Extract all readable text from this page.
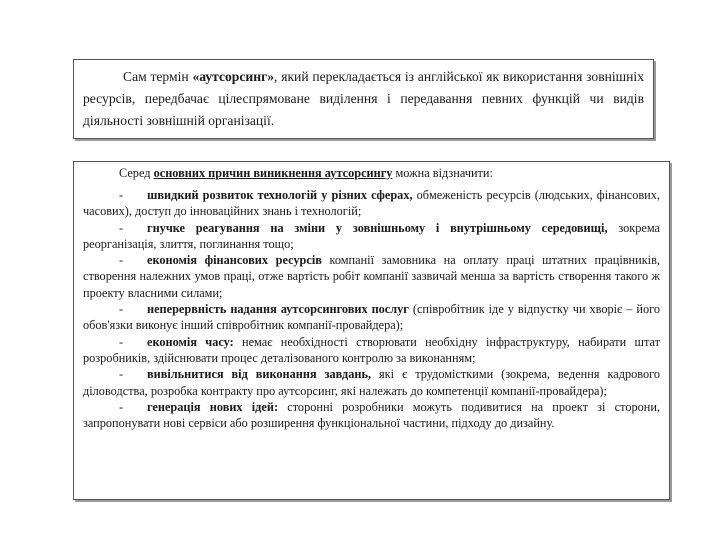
Сам термін «аутсорсинг», який перекладається із англійської як використання зовнішніх ресурсів, передбачає цілеспрямоване виділення і передавання певних функцій чи видів діяльності зовнішній організації.

Серед основних причин виникнення аутсорсингу можна відзначити:

- швидкий розвиток технологій у різних сферах, обмеженість ресурсів (людських, фінансових, часових), доступ до інноваційних знань і технологій;
- гнучке реагування на зміни у зовнішньому і внутрішньому середовищі, зокрема реорганізація, злиття, поглинання тощо;
- економія фінансових ресурсів компанії замовника на оплату праці штатних працівників, створення належних умов праці, отже вартість робіт компанії зазвичай менша за вартість створення такого ж проекту власними силами;
- неперервність надання аутсорсингових послуг (співробітник іде у відпустку чи хворіє – його обов'язки виконує інший співробітник компанії-провайдера);
- економія часу: немає необхідності створювати необхідну інфраструктуру, набирати штат розробників, здійснювати процес деталізованого контролю за виконанням;
- вивільнитися від виконання завдань, які є трудомісткими (зокрема, ведення кадрового діловодства, розробка контракту про аутсорсинг, які належать до компетенції компанії-провайдера);
- генерація нових ідей: сторонні розробники можуть подивитися на проект зі сторони, запропонувати нові сервіси або розширення функціональної частини, підходу до дизайну.
